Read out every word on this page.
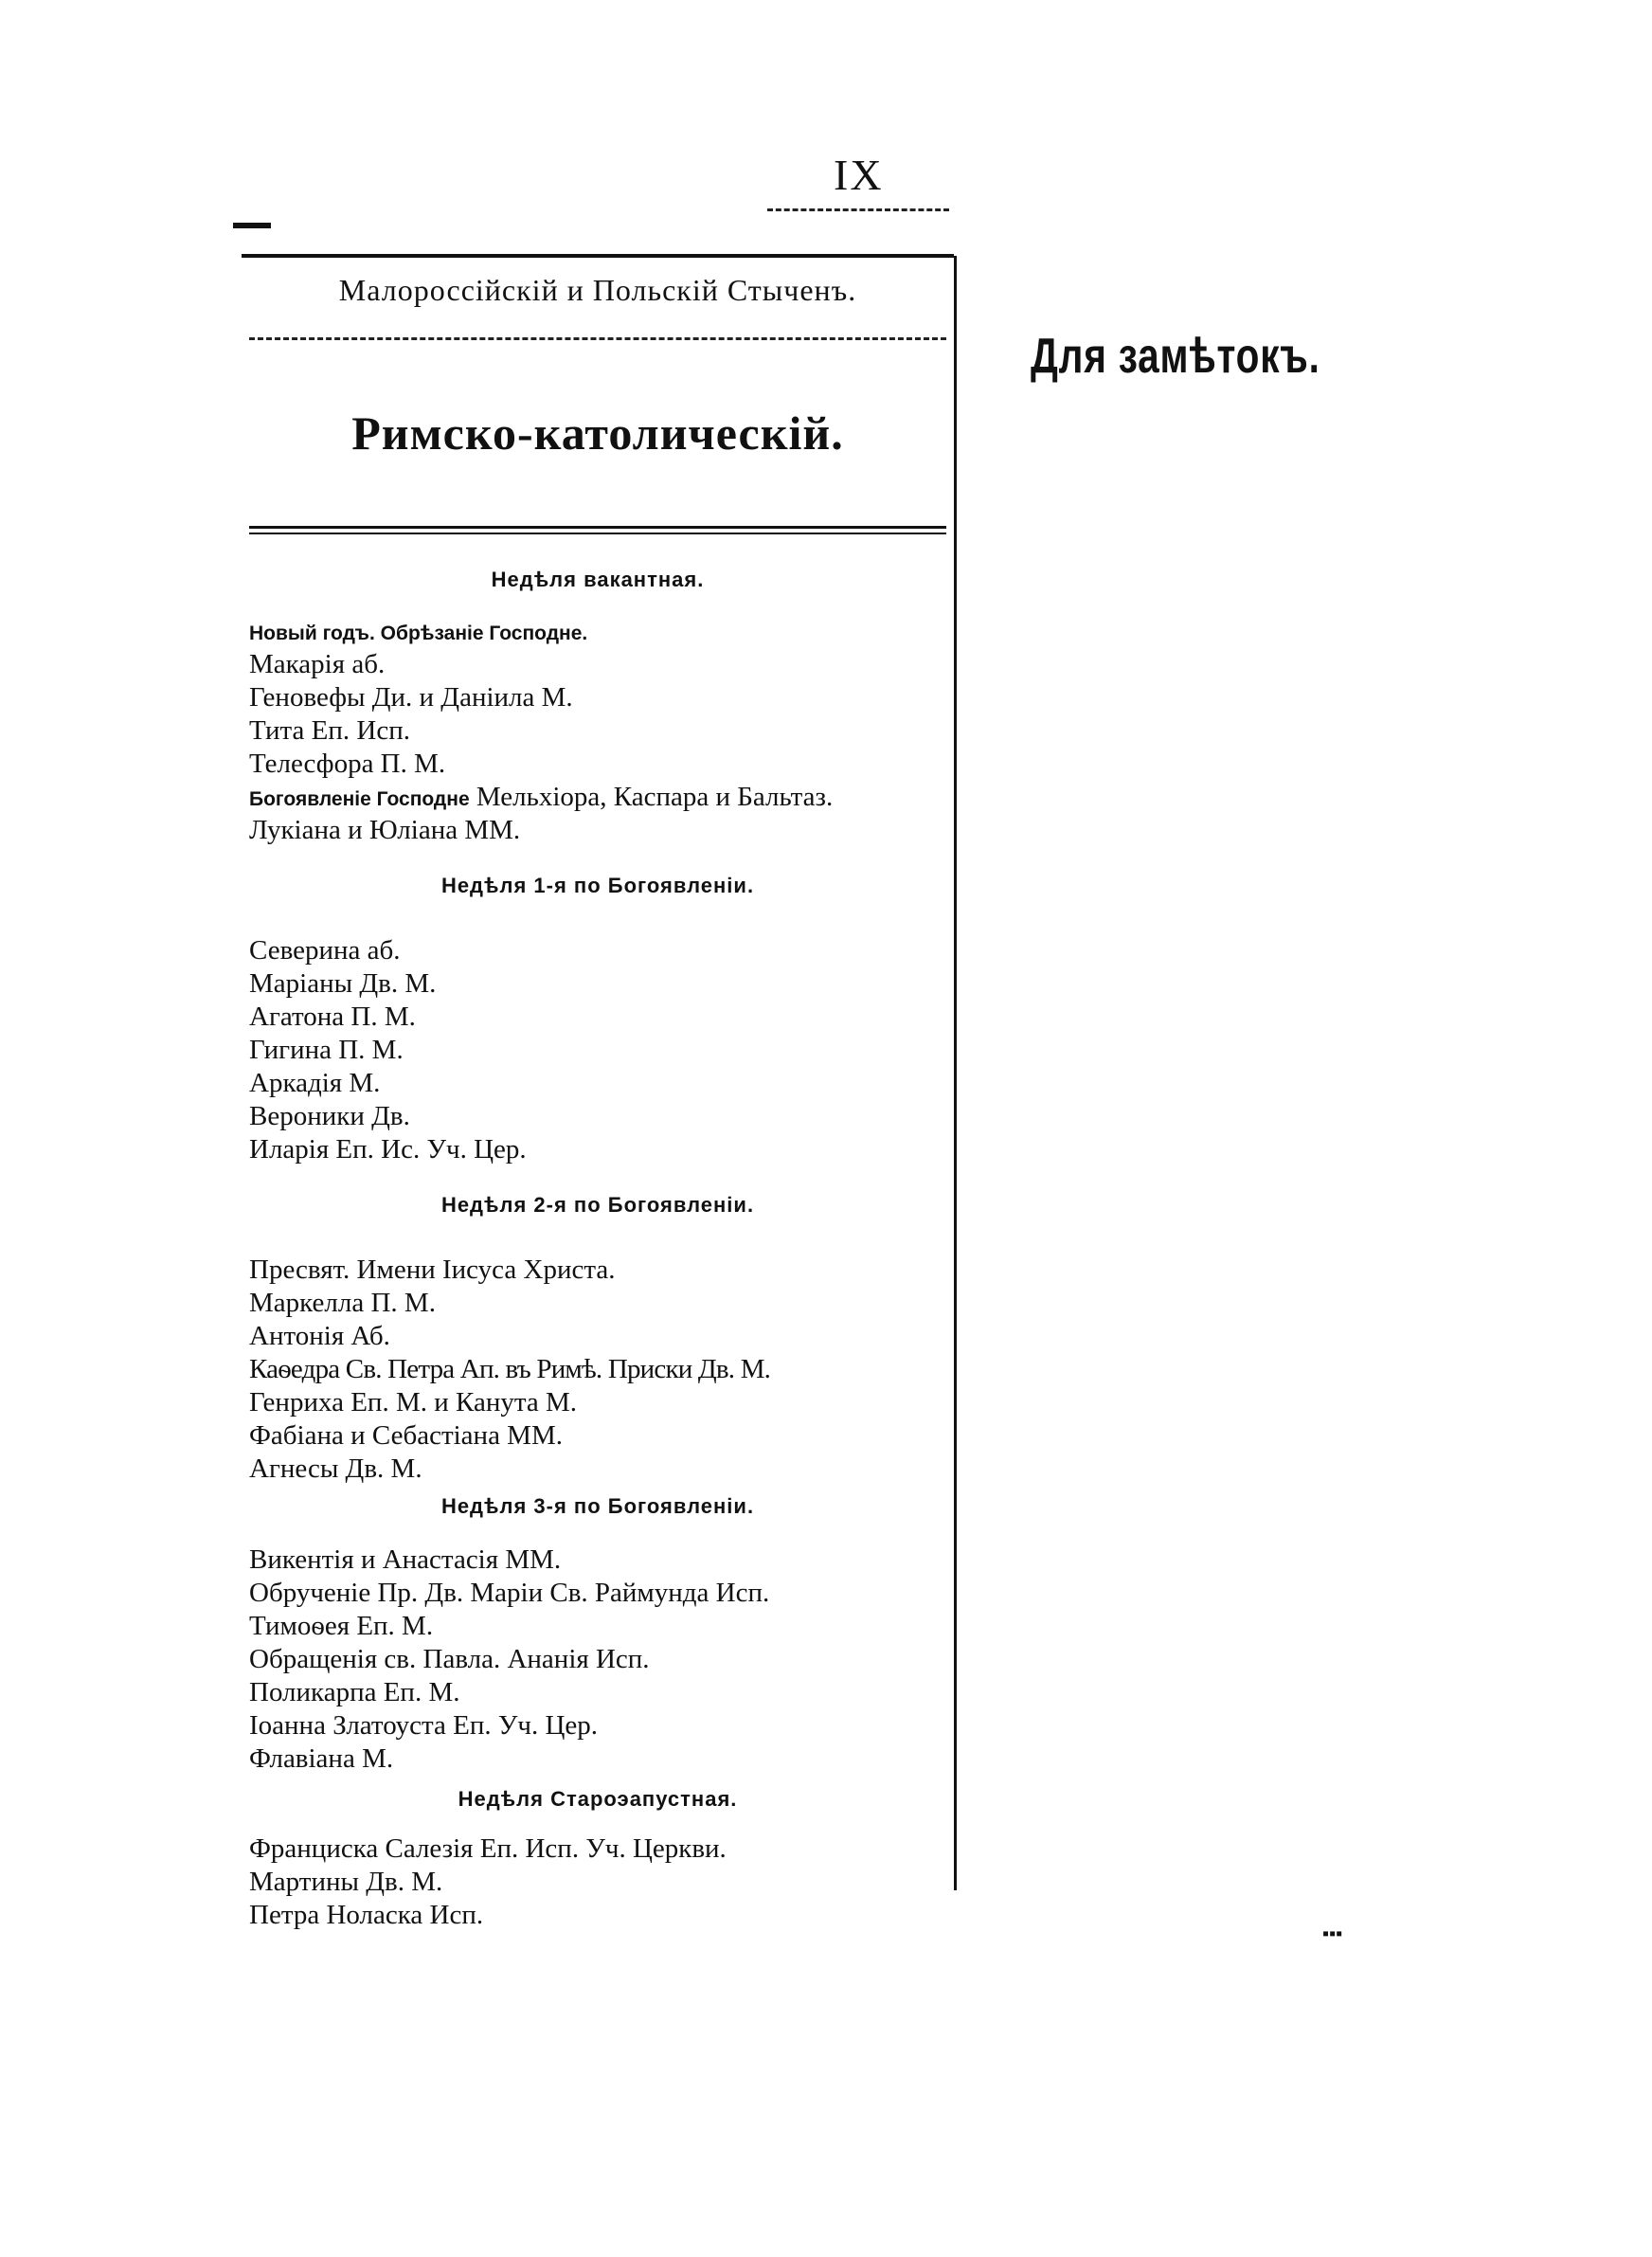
IX
▬▬
▪▪▪
Малороссійскій и Польскій Стыченъ.
Римско-католическій.
Недѣля вакантная.
Новый годъ. Обрѣзаніе Господне.
Макарія аб.
Геновефы Ди. и Даніила М.
Тита Еп. Исп.
Телесфора П. М.
Богоявленіе Господне Мельхіора, Каспара и Бальтаз.
Лукіана и Юліана ММ.
Недѣля 1-я по Богоявленіи.
Северина аб.
Маріаны Дв. М.
Агатона П. М.
Гигина П. М.
Аркадія М.
Вероники Дв.
Иларія Еп. Ис. Уч. Цер.
Недѣля 2-я по Богоявленіи.
Пресвят. Имени Іисуса Христа.
Маркелла П. М.
Антонія Аб.
Каѳедра Св. Петра Ап. въ Римѣ. Приски Дв. М.
Генриха Еп. М. и Канута М.
Фабіана и Себастіана ММ.
Агнесы Дв. М.
Недѣля 3-я по Богоявленіи.
Викентія и Анастасія ММ.
Обрученіе Пр. Дв. Маріи Св. Раймунда Исп.
Тимоѳея Еп. М.
Обращенія св. Павла. Ананія Исп.
Поликарпа Еп. М.
Іоанна Златоуста Еп. Уч. Цер.
Флавіана М.
Недѣля Староэапустная.
Франциска Салезія Еп. Исп. Уч. Церкви.
Мартины Дв. М.
Петра Ноласка Исп.
Для замѣтокъ.
